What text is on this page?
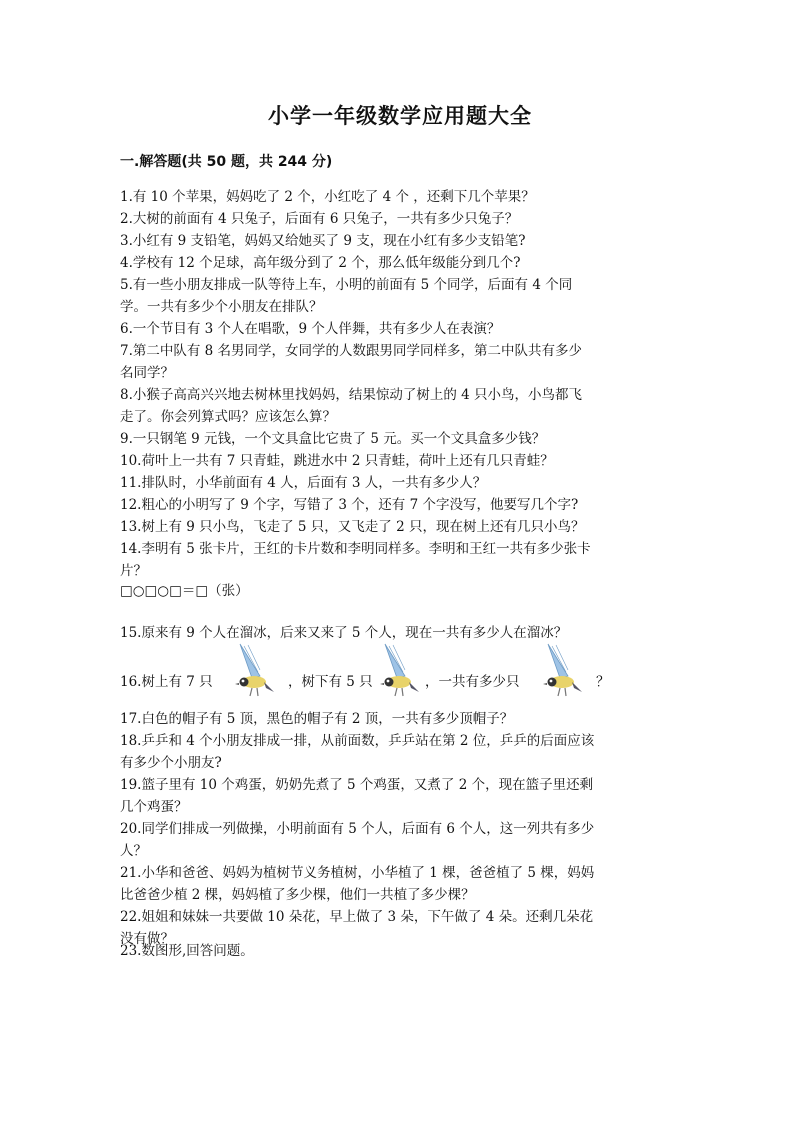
小学一年级数学应用题大全
一.解答题(共 50 题，共 244 分)
1.有 10 个苹果，妈妈吃了 2 个，小红吃了 4 个 ，还剩下几个苹果？
2.大树的前面有 4 只兔子，后面有 6 只兔子，一共有多少只兔子？
3.小红有 9 支铅笔，妈妈又给她买了 9 支，现在小红有多少支铅笔?
4.学校有 12 个足球，高年级分到了 2 个，那么低年级能分到几个?
5.有一些小朋友排成一队等待上车，小明的前面有 5 个同学，后面有 4 个同
学。一共有多少个小朋友在排队？
6.一个节目有 3 个人在唱歌，9 个人伴舞，共有多少人在表演？
7.第二中队有 8 名男同学，女同学的人数跟男同学同样多，第二中队共有多少
名同学？
8.小猴子高高兴兴地去树林里找妈妈，结果惊动了树上的 4 只小鸟，小鸟都飞
走了。你会列算式吗？应该怎么算？
9.一只钢笔 9 元钱，一个文具盒比它贵了 5 元。买一个文具盒多少钱？
10.荷叶上一共有 7 只青蛙，跳进水中 2 只青蛙，荷叶上还有几只青蛙？
11.排队时，小华前面有 4 人，后面有 3 人，一共有多少人？
12.粗心的小明写了 9 个字，写错了 3 个，还有 7 个字没写，他要写几个字?
13.树上有 9 只小鸟，飞走了 5 只，又飞走了 2 只，现在树上还有几只小鸟？
14.李明有 5 张卡片，王红的卡片数和李明同样多。李明和王红一共有多少张卡
片？
□○□○□＝□（张）
15.原来有 9 个人在溜冰，后来又来了 5 个人，现在一共有多少人在溜冰？
16.树上有 7 只	，树下有 5 只	，一共有多少只	？
17.白色的帽子有 5 顶，黑色的帽子有 2 顶，一共有多少顶帽子？
18.乒乒和 4 个小朋友排成一排，从前面数，乒乒站在第 2 位，乒乒的后面应该
有多少个小朋友?
19.篮子里有 10 个鸡蛋，奶奶先煮了 5 个鸡蛋，又煮了 2 个，现在篮子里还剩
几个鸡蛋？
20.同学们排成一列做操，小明前面有 5 个人，后面有 6 个人，这一列共有多少
人？
21.小华和爸爸、妈妈为植树节义务植树，小华植了 1 棵，爸爸植了 5 棵，妈妈
比爸爸少植 2 棵，妈妈植了多少棵，他们一共植了多少棵？
22.姐姐和妹妹一共要做 10 朵花，早上做了 3 朵，下午做了 4 朵。还剩几朵花
没有做？
23.数图形,回答问题。
